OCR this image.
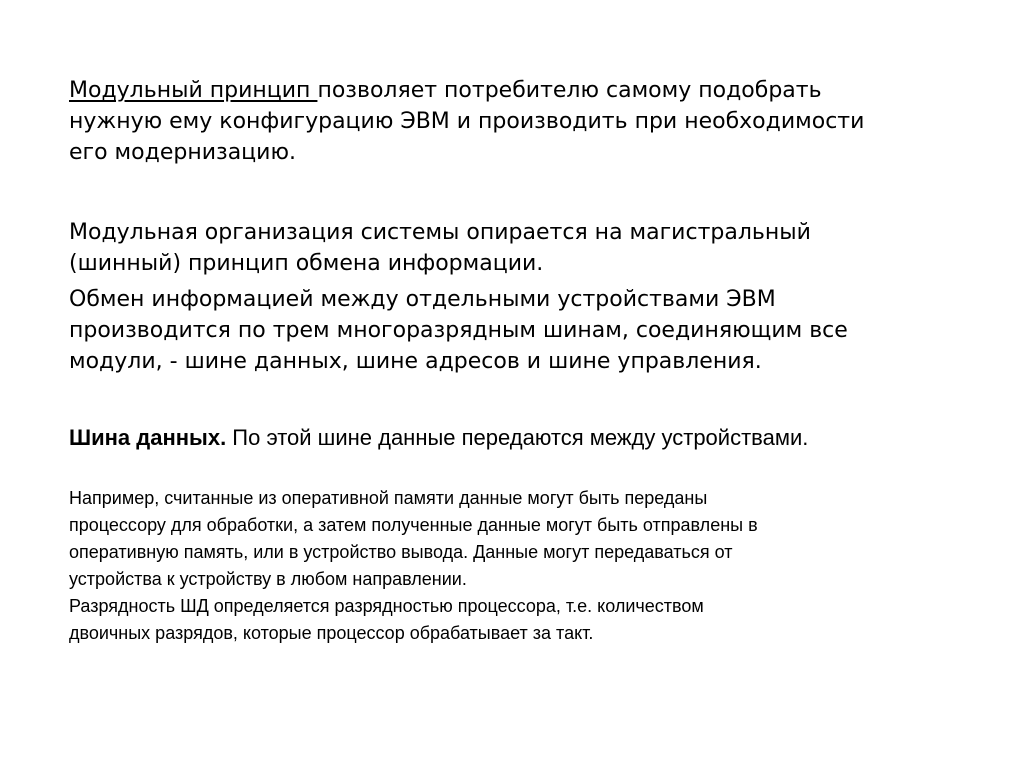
Модульный принцип позволяет потребителю самому подобрать
нужную ему конфигурацию ЭВМ и производить при необходимости
его модернизацию.
Модульная организация системы опирается на магистральный
(шинный) принцип обмена информации.
Обмен информацией между отдельными устройствами ЭВМ
производится по трем многоразрядным шинам, соединяющим все
модули, - шине данных, шине адресов и шине управления.
Шина данных. По этой шине данные передаются между устройствами.
Например, считанные из оперативной памяти данные могут быть переданы
процессору для обработки, а затем полученные данные могут быть отправлены в
оперативную память, или в устройство вывода. Данные могут передаваться от
устройства к устройству в любом направлении.
Разрядность ШД определяется разрядностью процессора, т.е. количеством
двоичных разрядов, которые процессор обрабатывает за такт.
